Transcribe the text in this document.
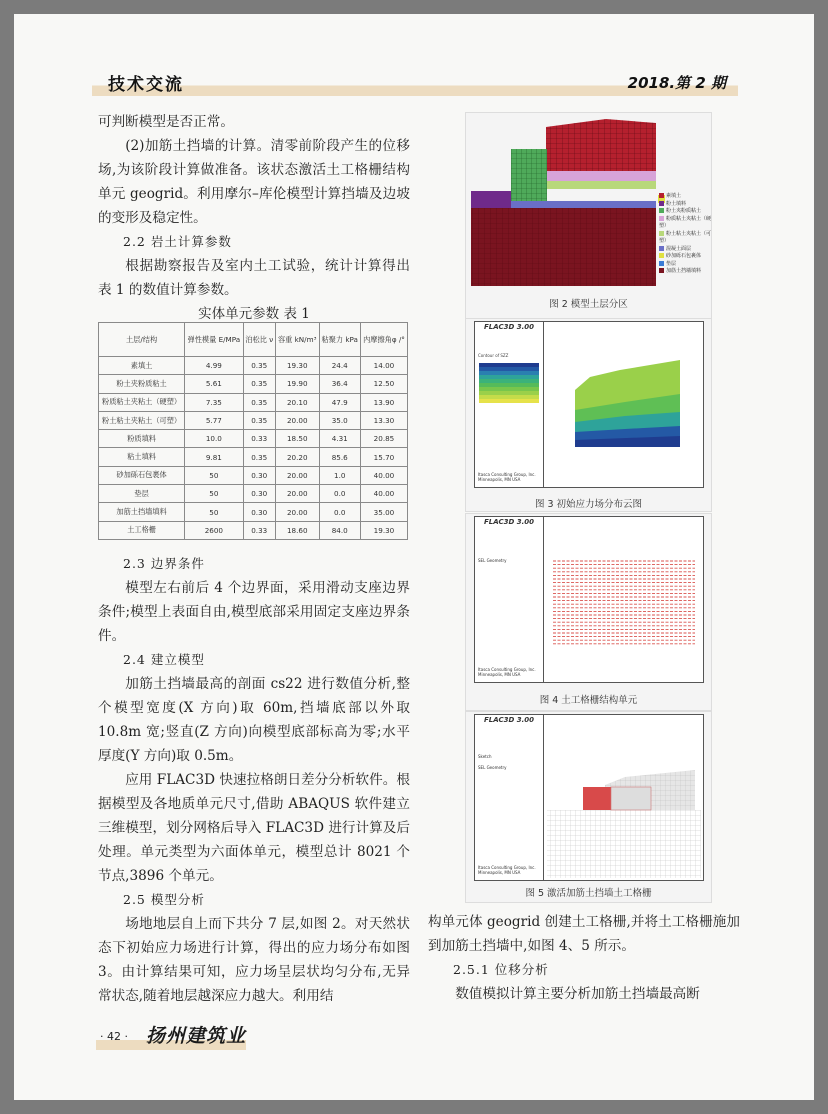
技术交流	2018.第 2 期

可判断模型是否正常。

(2)加筋土挡墙的计算。清零前阶段产生的位移场,为该阶段计算做准备。该状态激活土工格栅结构单元 geogrid。利用摩尔–库伦模型计算挡墙及边坡的变形及稳定性。

2.2 岩土计算参数

根据勘察报告及室内土工试验，统计计算得出表 1 的数值计算参数。

实体单元参数 表 1

土层/结构	弹性模量 E/MPa	泊松比 ν	容重 kN/m³	粘聚力 kPa	内摩擦角φ /°
素填土	4.99	0.35	19.30	24.4	14.00
粉土夹粉质粘土	5.61	0.35	19.90	36.4	12.50
粉质粘土夹粘土（硬塑）	7.35	0.35	20.10	47.9	13.90
粉土粘土夹粘土（可塑）	5.77	0.35	20.00	35.0	13.30
粉质填料	10.0	0.33	18.50	4.31	20.85
粘土填料	9.81	0.35	20.20	85.6	15.70
砂加砾石包裹体	50	0.30	20.00	1.0	40.00
垫层	50	0.30	20.00	0.0	40.00
加筋土挡墙填料	50	0.30	20.00	0.0	35.00
土工格栅	2600	0.33	18.60	84.0	19.30

2.3 边界条件

模型左右前后 4 个边界面，采用滑动支座边界条件;模型上表面自由,模型底部采用固定支座边界条件。

2.4 建立模型

加筋土挡墙最高的剖面 cs22 进行数值分析,整个模型宽度(X 方向)取 60m,挡墙底部以外取 10.8m 宽;竖直(Z 方向)向模型底部标高为零;水平厚度(Y 方向)取 0.5m。

应用 FLAC3D 快速拉格朗日差分分析软件。根据模型及各地质单元尺寸,借助 ABAQUS 软件建立三维模型，划分网格后导入 FLAC3D 进行计算及后处理。单元类型为六面体单元，模型总计 8021 个节点,3896 个单元。

2.5 模型分析

场地地层自上而下共分 7 层,如图 2。对天然状态下初始应力场进行计算，得出的应力场分布如图 3。由计算结果可知，应力场呈层状均匀分布,无异常状态,随着地层越深应力越大。利用结

构单元体 geogrid 创建土工格栅,并将土工格栅施加到加筋土挡墙中,如图 4、5 所示。

2.5.1 位移分析

数值模拟计算主要分析加筋土挡墙最高断

素填土
粉土填料
粉土夹粉质粘土
粉质粘土夹粘土（硬塑）
粉土粘土夹粘土（可塑）
混凝土面层
砂加砾石包裹体
垫层
加筋土挡墙填料
图 2 模型土层分区
FLAC3D 3.00
Contour of SZZ
Itasca Consulting Group, Inc. Minneapolis, MN USA
图 3 初始应力场分布云图
FLAC3D 3.00
SEL Geometry
Itasca Consulting Group, Inc. Minneapolis, MN USA
图 4 土工格栅结构单元
FLAC3D 3.00
Sketch
SEL Geometry
Itasca Consulting Group, Inc. Minneapolis, MN USA
图 5 激活加筋土挡墙土工格栅
· 42 · 扬州建筑业
